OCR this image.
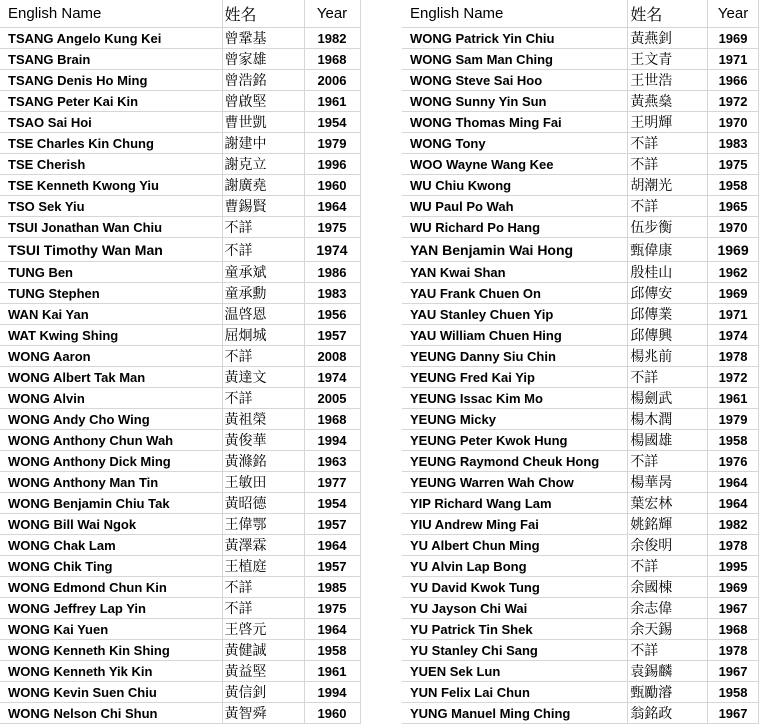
English Name	姓名	Year
TSANG Angelo Kung Kei	曾鞏基	1982
TSANG Brain	曾家雄	1968
TSANG Denis Ho Ming	曾浩銘	2006
TSANG Peter Kai Kin	曾啟堅	1961
TSAO Sai Hoi	曹世凱	1954
TSE Charles Kin Chung	謝建中	1979
TSE Cherish	謝克立	1996
TSE Kenneth Kwong Yiu	謝廣堯	1960
TSO Sek Yiu	曹錫賢	1964
TSUI Jonathan Wan Chiu	不詳	1975
TSUI Timothy Wan Man	不詳	1974
TUNG Ben	童承斌	1986
TUNG Stephen	童承勳	1983
WAN Kai Yan	温啓恩	1956
WAT Kwing Shing	屈炯城	1957
WONG Aaron	不詳	2008
WONG Albert Tak Man	黃達文	1974
WONG Alvin	不詳	2005
WONG Andy Cho Wing	黃祖榮	1968
WONG Anthony Chun Wah	黃俊華	1994
WONG Anthony Dick Ming	黃滌銘	1963
WONG Anthony Man Tin	王敏田	1977
WONG Benjamin Chiu Tak	黃昭德	1954
WONG Bill Wai Ngok	王偉鄂	1957
WONG Chak Lam	黃澤霖	1964
WONG Chik Ting	王植庭	1957
WONG Edmond Chun Kin	不詳	1985
WONG Jeffrey Lap Yin	不詳	1975
WONG Kai Yuen	王啓元	1964
WONG Kenneth Kin Shing	黃健誠	1958
WONG Kenneth Yik Kin	黃益堅	1961
WONG Kevin Suen Chiu	黃信釗	1994
WONG Nelson Chi Shun	黃智舜	1960
English Name	姓名	Year
WONG Patrick Yin Chiu	黃燕釗	1969
WONG Sam Man Ching	王文青	1971
WONG Steve Sai Hoo	王世浩	1966
WONG Sunny Yin Sun	黃燕燊	1972
WONG Thomas Ming Fai	王明輝	1970
WONG Tony	不詳	1983
WOO Wayne Wang Kee	不詳	1975
WU Chiu Kwong	胡潮光	1958
WU Paul Po Wah	不詳	1965
WU Richard Po Hang	伍步衡	1970
YAN Benjamin Wai Hong	甄偉康	1969
YAN Kwai Shan	殷桂山	1962
YAU Frank Chuen On	邱傳安	1969
YAU Stanley Chuen Yip	邱傳業	1971
YAU William Chuen Hing	邱傳興	1974
YEUNG Danny Siu Chin	楊兆前	1978
YEUNG Fred Kai Yip	不詳	1972
YEUNG Issac Kim Mo	楊劍武	1961
YEUNG Micky	楊木潤	1979
YEUNG Peter Kwok Hung	楊國雄	1958
YEUNG Raymond Cheuk Hong	不詳	1976
YEUNG Warren Wah Chow	楊華昺	1964
YIP Richard Wang Lam	葉宏林	1964
YIU Andrew Ming Fai	姚銘輝	1982
YU Albert Chun Ming	余俊明	1978
YU Alvin Lap Bong	不詳	1995
YU David Kwok Tung	余國棟	1969
YU Jayson Chi Wai	余志偉	1967
YU Patrick Tin Shek	余天錫	1968
YU Stanley Chi Sang	不詳	1978
YUEN Sek Lun	袁錫麟	1967
YUN Felix Lai Chun	甄勵濬	1958
YUNG Manuel Ming Ching	翁銘政	1967
